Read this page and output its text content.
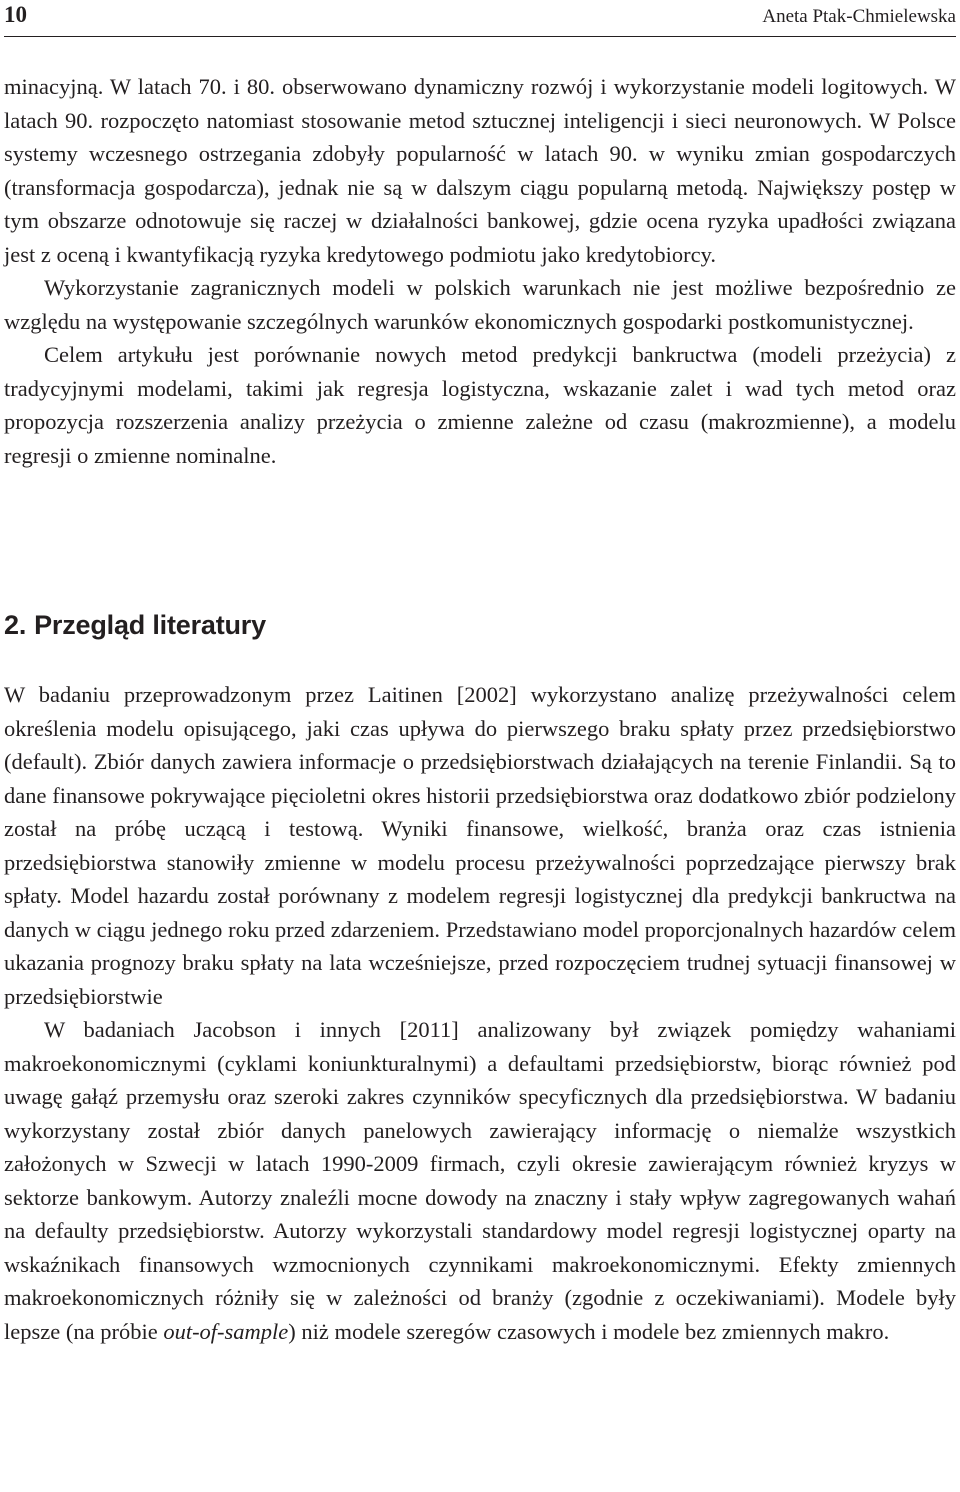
10	Aneta Ptak-Chmielewska

minacyjną. W latach 70. i 80. obserwowano dynamiczny rozwój i wykorzystanie modeli logitowych. W latach 90. rozpoczęto natomiast stosowanie metod sztucznej inteligencji i sieci neuronowych. W Polsce systemy wczesnego ostrzegania zdobyły popularność w latach 90. w wyniku zmian gospodarczych (transformacja gospodarcza), jednak nie są w dalszym ciągu popularną metodą. Największy postęp w tym obszarze odnotowuje się raczej w działalności bankowej, gdzie ocena ryzyka upadłości związana jest z oceną i kwantyfikacją ryzyka kredytowego podmiotu jako kredytobiorcy.

Wykorzystanie zagranicznych modeli w polskich warunkach nie jest możliwe bezpośrednio ze względu na występowanie szczególnych warunków ekonomicznych gospodarki postkomunistycznej.

Celem artykułu jest porównanie nowych metod predykcji bankructwa (modeli przeżycia) z tradycyjnymi modelami, takimi jak regresja logistyczna, wskazanie zalet i wad tych metod oraz propozycja rozszerzenia analizy przeżycia o zmienne zależne od czasu (makrozmienne), a modelu regresji o zmienne nominalne.

2. Przegląd literatury

W badaniu przeprowadzonym przez Laitinen [2002] wykorzystano analizę przeżywalności celem określenia modelu opisującego, jaki czas upływa do pierwszego braku spłaty przez przedsiębiorstwo (default). Zbiór danych zawiera informacje o przedsiębiorstwach działających na terenie Finlandii. Są to dane finansowe pokrywające pięcioletni okres historii przedsiębiorstwa oraz dodatkowo zbiór podzielony został na próbę uczącą i testową. Wyniki finansowe, wielkość, branża oraz czas istnienia przedsiębiorstwa stanowiły zmienne w modelu procesu przeżywalności poprzedzające pierwszy brak spłaty. Model hazardu został porównany z modelem regresji logistycznej dla predykcji bankructwa na danych w ciągu jednego roku przed zdarzeniem. Przedstawiano model proporcjonalnych hazardów celem ukazania prognozy braku spłaty na lata wcześniejsze, przed rozpoczęciem trudnej sytuacji finansowej w przedsiębiorstwie

W badaniach Jacobson i innych [2011] analizowany był związek pomiędzy wahaniami makroekonomicznymi (cyklami koniunkturalnymi) a defaultami przedsiębiorstw, biorąc również pod uwagę gałąź przemysłu oraz szeroki zakres czynników specyficznych dla przedsiębiorstwa. W badaniu wykorzystany został zbiór danych panelowych zawierający informację o niemalże wszystkich założonych w Szwecji w latach 1990-2009 firmach, czyli okresie zawierającym również kryzys w sektorze bankowym. Autorzy znaleźli mocne dowody na znaczny i stały wpływ zagregowanych wahań na defaulty przedsiębiorstw. Autorzy wykorzystali standardowy model regresji logistycznej oparty na wskaźnikach finansowych wzmocnionych czynnikami makroekonomicznymi. Efekty zmiennych makroekonomicznych różniły się w zależności od branży (zgodnie z oczekiwaniami). Modele były lepsze (na próbie out-of-sample) niż modele szeregów czasowych i modele bez zmiennych makro.
